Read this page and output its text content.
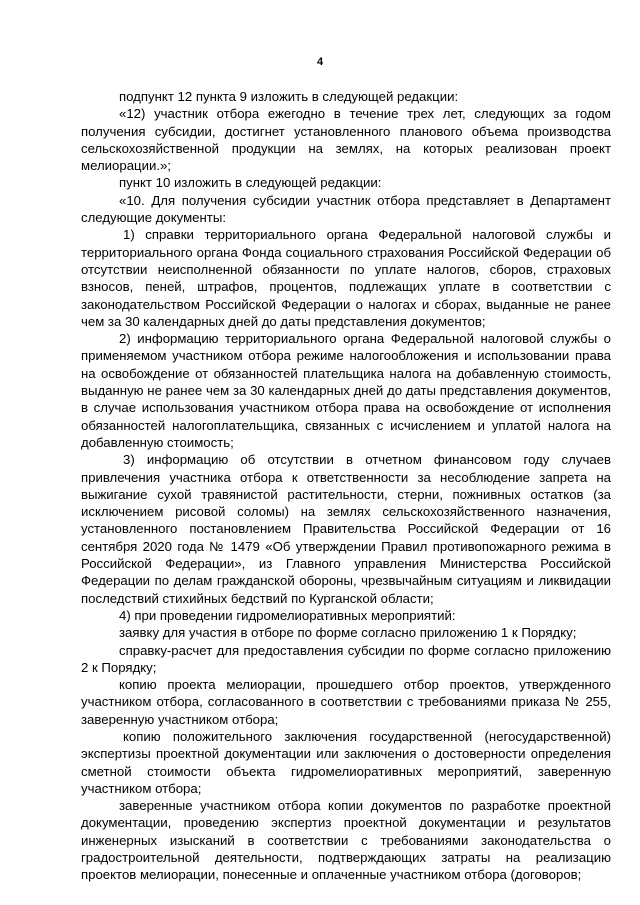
4

подпункт 12 пункта 9 изложить в следующей редакции:

«12) участник отбора ежегодно в течение трех лет, следующих за годом получения субсидии, достигнет установленного планового объема производства сельскохозяйственной продукции на землях, на которых реализован проект мелиорации.»;

пункт 10 изложить в следующей редакции:

«10. Для получения субсидии участник отбора представляет в Департамент следующие документы:

1) справки территориального органа Федеральной налоговой службы и территориального органа Фонда социального страхования Российской Федерации об отсутствии неисполненной обязанности по уплате налогов, сборов, страховых взносов, пеней, штрафов, процентов, подлежащих уплате в соответствии с законодательством Российской Федерации о налогах и сборах, выданные не ранее чем за 30 календарных дней до даты представления документов;

2) информацию территориального органа Федеральной налоговой службы о применяемом участником отбора режиме налогообложения и использовании права на освобождение от обязанностей плательщика налога на добавленную стоимость, выданную не ранее чем за 30 календарных дней до даты представления документов, в случае использования участником отбора права на освобождение от исполнения обязанностей налогоплательщика, связанных с исчислением и уплатой налога на добавленную стоимость;

3) информацию об отсутствии в отчетном финансовом году случаев привлечения участника отбора к ответственности за несоблюдение запрета на выжигание сухой травянистой растительности, стерни, пожнивных остатков (за исключением рисовой соломы) на землях сельскохозяйственного назначения, установленного постановлением Правительства Российской Федерации от 16 сентября 2020 года № 1479 «Об утверждении Правил противопожарного режима в Российской Федерации», из Главного управления Министерства Российской Федерации по делам гражданской обороны, чрезвычайным ситуациям и ликвидации последствий стихийных бедствий по Курганской области;

4) при проведении гидромелиоративных мероприятий:

заявку для участия в отборе по форме согласно приложению 1 к Порядку;

справку-расчет для предоставления субсидии по форме согласно приложению 2 к Порядку;

копию проекта мелиорации, прошедшего отбор проектов, утвержденного участником отбора, согласованного в соответствии с требованиями приказа № 255, заверенную участником отбора;

копию положительного заключения государственной (негосударственной) экспертизы проектной документации или заключения о достоверности определения сметной стоимости объекта гидромелиоративных мероприятий, заверенную участником отбора;

заверенные участником отбора копии документов по разработке проектной документации, проведению экспертиз проектной документации и результатов инженерных изысканий в соответствии с требованиями законодательства о градостроительной деятельности, подтверждающих затраты на реализацию проектов мелиорации, понесенные и оплаченные участником отбора (договоров;
